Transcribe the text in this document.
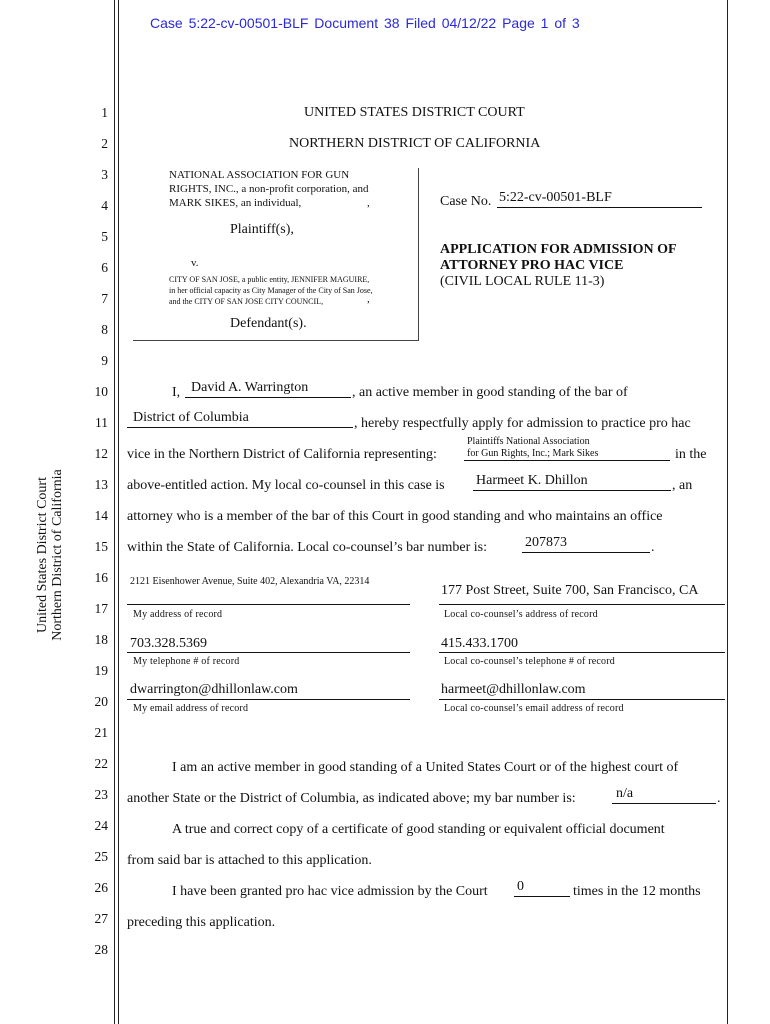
Case 5:22-cv-00501-BLF Document 38 Filed 04/12/22 Page 1 of 3
United States District Court Northern District of California
1
2
3
4
5
6
7
8
9
10
11
12
13
14
15
16
17
18
19
20
21
22
23
24
25
26
27
28
UNITED STATES DISTRICT COURT
NORTHERN DISTRICT OF CALIFORNIA
NATIONAL ASSOCIATION FOR GUN
RIGHTS, INC., a non-profit corporation, and
MARK SIKES, an individual,	,
Plaintiff(s),
v.
CITY OF SAN JOSE, a public entity, JENNIFER MAGUIRE,
in her official capacity as City Manager of the City of San Jose,
and the CITY OF SAN JOSE CITY COUNCIL,	,
Defendant(s).
Case No. 5:22-cv-00501-BLF
APPLICATION FOR ADMISSION OF
ATTORNEY PRO HAC VICE
(CIVIL LOCAL RULE 11-3)
I, David A. Warrington	, an active member in good standing of the bar of
District of Columbia	, hereby respectfully apply for admission to practice pro hac
vice in the Northern District of California representing:
Plaintiffs National Association
for Gun Rights, Inc.; Mark Sikes	in the
above-entitled action. My local co-counsel in this case is Harmeet K. Dhillon	, an
attorney who is a member of the bar of this Court in good standing and who maintains an office
within the State of California. Local co-counsel’s bar number is:	207873	.
2121 Eisenhower Avenue, Suite 402, Alexandria VA, 22314
My address of record
177 Post Street, Suite 700, San Francisco, CA
Local co-counsel’s address of record
703.328.5369
My telephone # of record
415.433.1700
Local co-counsel’s telephone # of record
dwarrington@dhillonlaw.com
My email address of record
harmeet@dhillonlaw.com
Local co-counsel’s email address of record
I am an active member in good standing of a United States Court or of the highest court of
another State or the District of Columbia, as indicated above; my bar number is:	n/a	.
A true and correct copy of a certificate of good standing or equivalent official document
from said bar is attached to this application.
I have been granted pro hac vice admission by the Court 0	times in the 12 months
preceding this application.
